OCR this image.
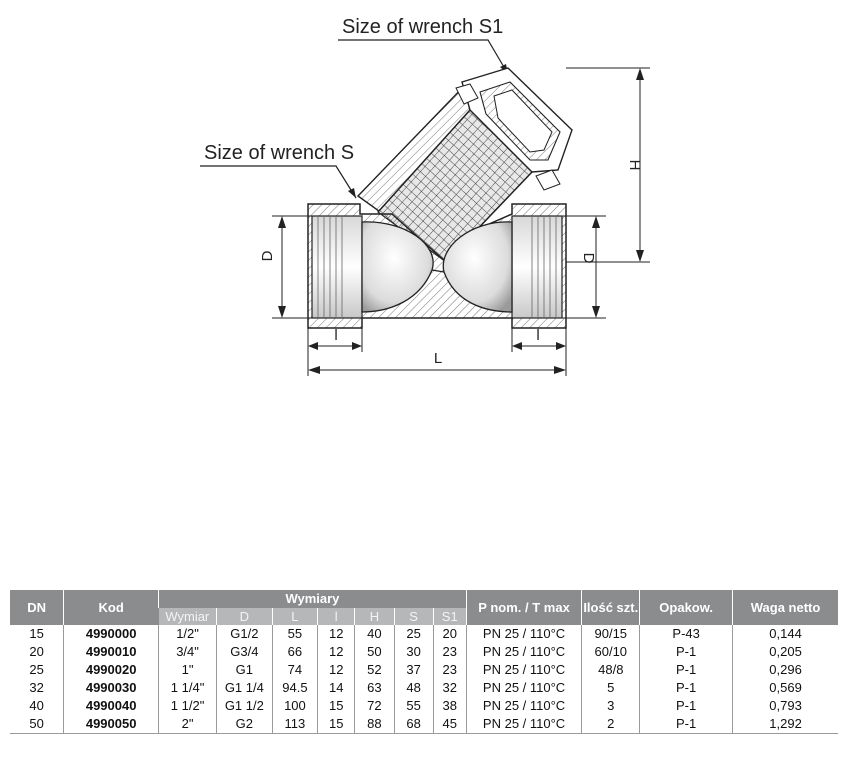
Size of wrench S1
Size of wrench S
H
D	D
L
l	l
DN	Kod	Wymiary							P nom. / T max	Ilość szt.	Opakow.	Waga netto
		Wymiar	D	L	l	H	S	S1				
15	4990000	1/2"	G1/2	55	12	40	25	20	PN 25 / 110°C	90/15	P-43	0,144
20	4990010	3/4"	G3/4	66	12	50	30	23	PN 25 / 110°C	60/10	P-1	0,205
25	4990020	1"	G1	74	12	52	37	23	PN 25 / 110°C	48/8	P-1	0,296
32	4990030	1 1/4"	G1 1/4	94.5	14	63	48	32	PN 25 / 110°C	5	P-1	0,569
40	4990040	1 1/2"	G1 1/2	100	15	72	55	38	PN 25 / 110°C	3	P-1	0,793
50	4990050	2"	G2	113	15	88	68	45	PN 25 / 110°C	2	P-1	1,292
